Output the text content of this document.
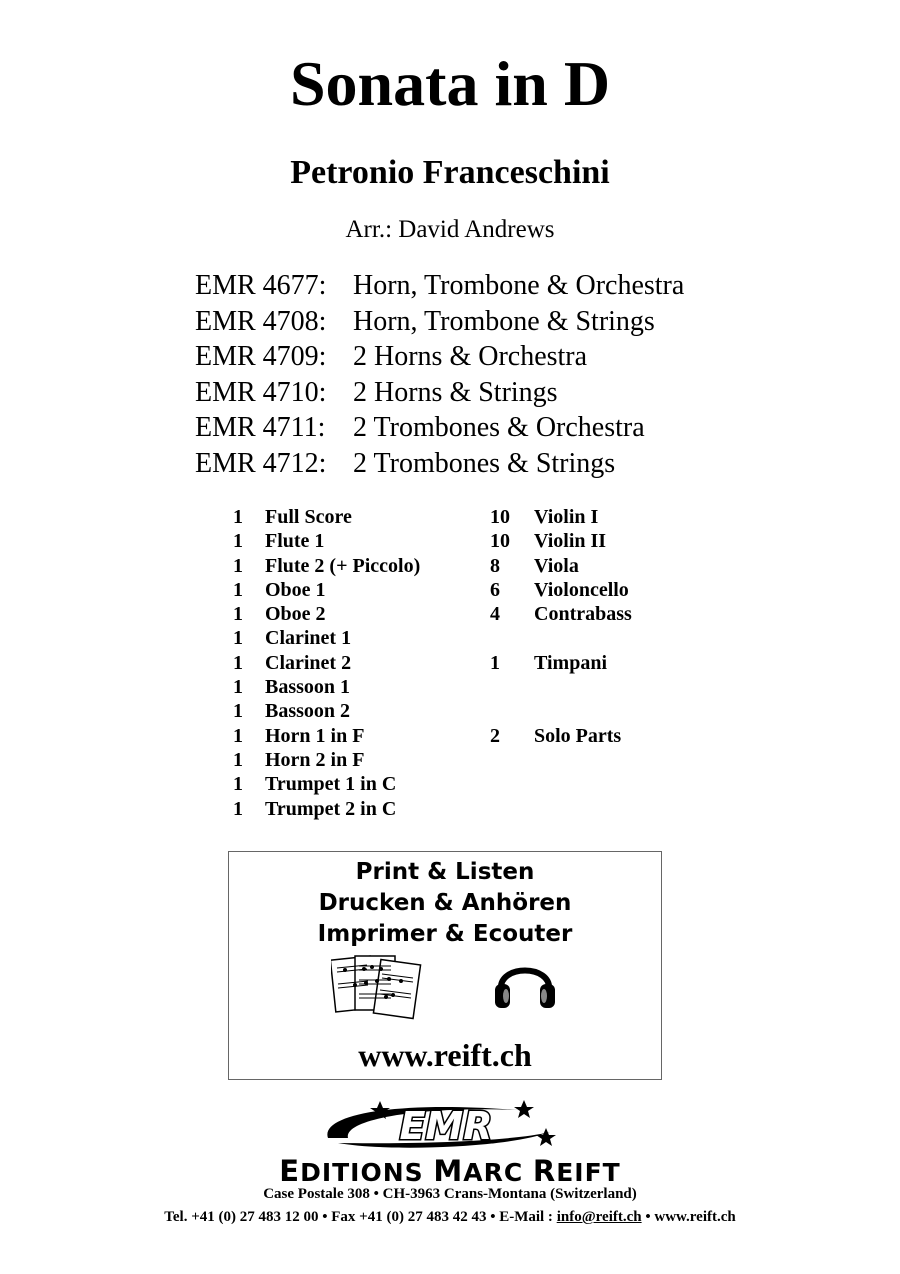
Sonata in D
Petronio Franceschini
Arr.: David Andrews
EMR 4677: Horn, Trombone & Orchestra
EMR 4708: Horn, Trombone & Strings
EMR 4709: 2 Horns & Orchestra
EMR 4710: 2 Horns & Strings
EMR 4711: 2 Trombones & Orchestra
EMR 4712: 2 Trombones & Strings
1 Full Score
1 Flute 1
1 Flute 2 (+ Piccolo)
1 Oboe 1
1 Oboe 2
1 Clarinet 1
1 Clarinet 2
1 Bassoon 1
1 Bassoon 2
1 Horn 1 in F
1 Horn 2 in F
1 Trumpet 1 in C
1 Trumpet 2 in C
10 Violin I
10 Violin II
8 Viola
6 Violoncello
4 Contrabass
1 Timpani
2 Solo Parts
Print & Listen
Drucken & Anhören
Imprimer & Ecouter
www.reift.ch
EMR
EDITIONS MARC REIFT
Case Postale 308 • CH-3963 Crans-Montana (Switzerland)
Tel. +41 (0) 27 483 12 00 • Fax +41 (0) 27 483 42 43 • E-Mail : info@reift.ch • www.reift.ch
